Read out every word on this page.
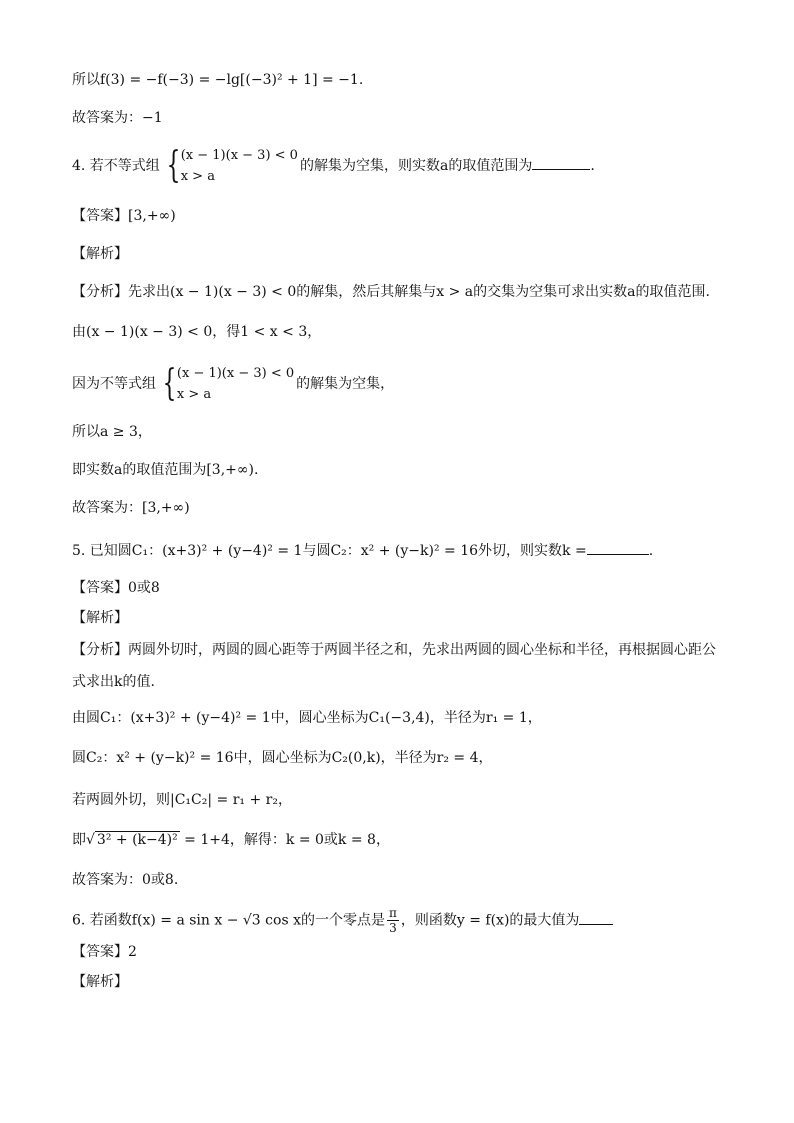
所以f(3) = −f(−3) = −lg[(−3)² + 1] = −1.
故答案为：−1
4. 若不等式组 { (x − 1)(x − 3) < 0
x > a
的解集为空集，则实数a的取值范围为	.
【答案】[3,+∞)
【解析】
【分析】先求出(x − 1)(x − 3) < 0的解集，然后其解集与x > a的交集为空集可求出实数a的取值范围.
由(x − 1)(x − 3) < 0，得1 < x < 3，
因为不等式组 { (x − 1)(x − 3) < 0
x > a
的解集为空集，
所以a ≥ 3，
即实数a的取值范围为[3,+∞).
故答案为：[3,+∞)
5. 已知圆C₁：(x+3)² + (y−4)² = 1与圆C₂：x² + (y−k)² = 16外切，则实数k =	.
【答案】0或8
【解析】
【分析】两圆外切时，两圆的圆心距等于两圆半径之和，先求出两圆的圆心坐标和半径，再根据圆心距公
式求出k的值.
由圆C₁：(x+3)² + (y−4)² = 1中，圆心坐标为C₁(−3,4)，半径为r₁ = 1，
圆C₂：x² + (y−k)² = 16中，圆心坐标为C₂(0,k)，半径为r₂ = 4，
若两圆外切，则|C₁C₂| = r₁ + r₂，
即√ 3² + (k−4)² = 1+4，解得：k = 0或k = 8，
故答案为：0或8.
6. 若函数f(x) = a sin x − √3 cos x的一个零点是 $\frac{\pi}{3}$ ，则函数y = f(x)的最大值为
【答案】2
【解析】
